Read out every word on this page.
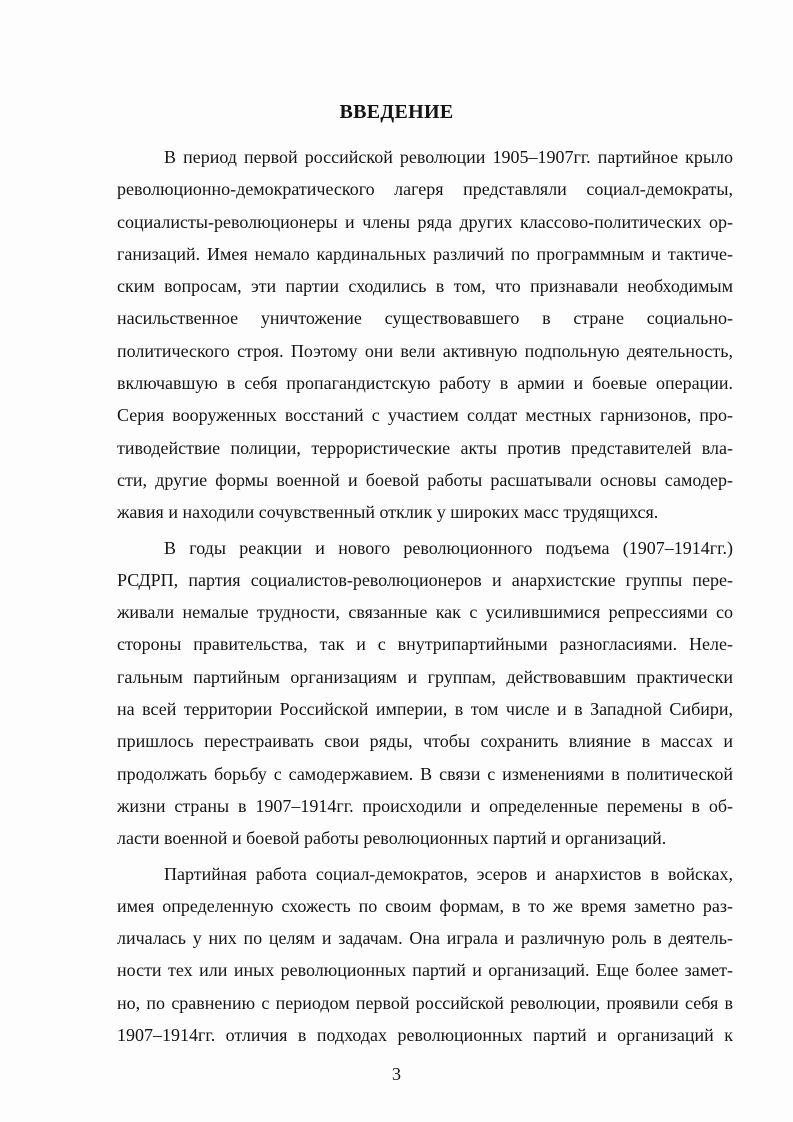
ВВЕДЕНИЕ
В период первой российской революции 1905–1907гг. партийное крыло
революционно-демократического лагеря представляли социал-демократы,
социалисты-революционеры и члены ряда других классово-политических ор-
ганизаций. Имея немало кардинальных различий по программным и тактиче-
ским вопросам, эти партии сходились в том, что признавали необходимым
насильственное уничтожение существовавшего в стране социально-
политического строя. Поэтому они вели активную подпольную деятельность,
включавшую в себя пропагандистскую работу в армии и боевые операции.
Серия вооруженных восстаний с участием солдат местных гарнизонов, про-
тиводействие полиции, террористические акты против представителей вла-
сти, другие формы военной и боевой работы расшатывали основы самодер-
жавия и находили сочувственный отклик у широких масс трудящихся.
В годы реакции и нового революционного подъема (1907–1914гг.)
РСДРП, партия социалистов-революционеров и анархистские группы пере-
живали немалые трудности, связанные как с усилившимися репрессиями со
стороны правительства, так и с внутрипартийными разногласиями. Неле-
гальным партийным организациям и группам, действовавшим практически
на всей территории Российской империи, в том числе и в Западной Сибири,
пришлось перестраивать свои ряды, чтобы сохранить влияние в массах и
продолжать борьбу с самодержавием. В связи с изменениями в политической
жизни страны в 1907–1914гг. происходили и определенные перемены в об-
ласти военной и боевой работы революционных партий и организаций.
Партийная работа социал-демократов, эсеров и анархистов в войсках,
имея определенную схожесть по своим формам, в то же время заметно раз-
личалась у них по целям и задачам. Она играла и различную роль в деятель-
ности тех или иных революционных партий и организаций. Еще более замет-
но, по сравнению с периодом первой российской революции, проявили себя в
1907–1914гг. отличия в подходах революционных партий и организаций к
3
